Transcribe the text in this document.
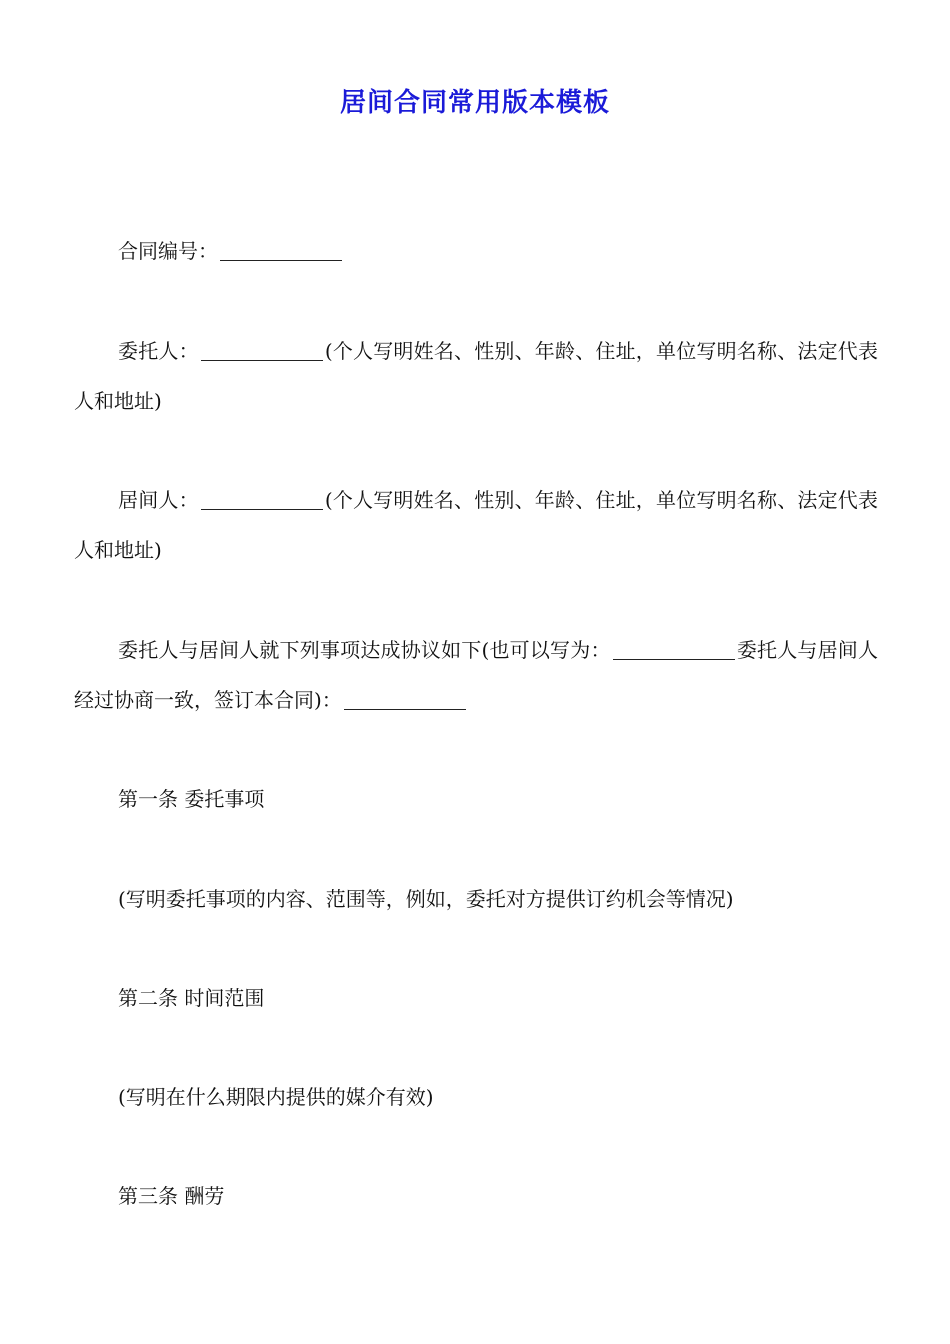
居间合同常用版本模板

合同编号：

委托人：	(个人写明姓名、性别、年龄、住址，单位写明名称、法定代表人和地址)

居间人：	(个人写明姓名、性别、年龄、住址，单位写明名称、法定代表人和地址)

委托人与居间人就下列事项达成协议如下(也可以写为：	委托人与居间人经过协商一致，签订本合同)：

第一条 委托事项

(写明委托事项的内容、范围等，例如，委托对方提供订约机会等情况)

第二条 时间范围

(写明在什么期限内提供的媒介有效)

第三条 酬劳
